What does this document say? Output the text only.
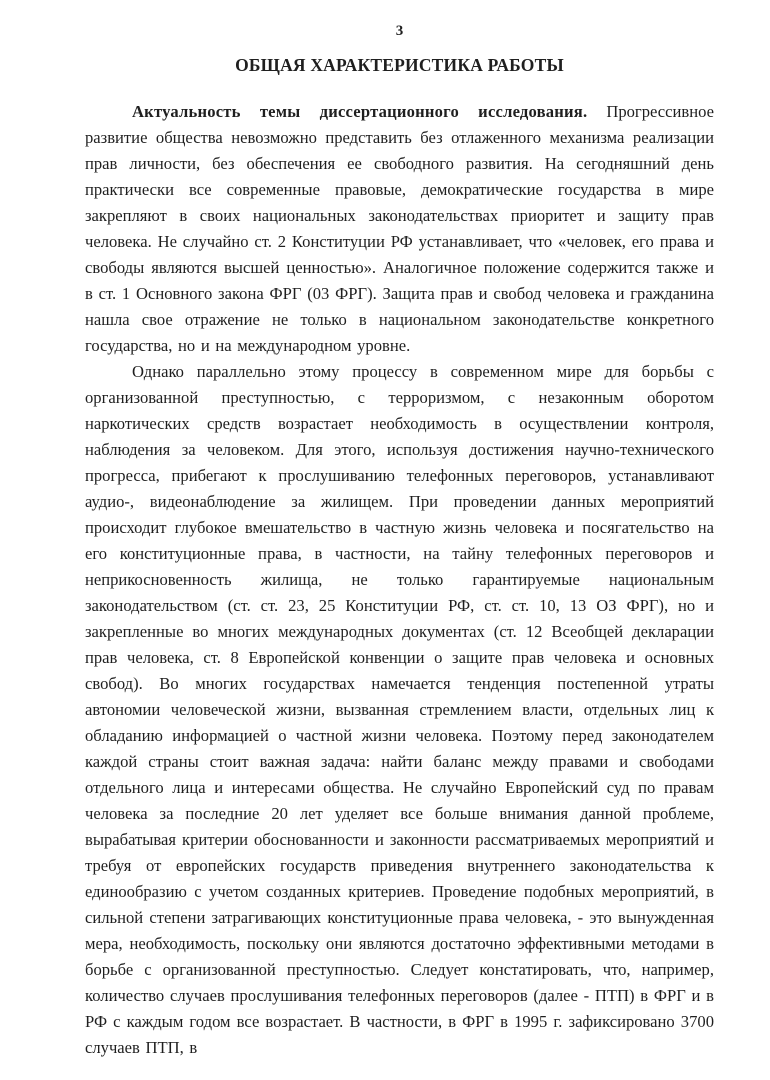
3
ОБЩАЯ ХАРАКТЕРИСТИКА РАБОТЫ

Актуальность темы диссертационного исследования. Прогрессивное развитие общества невозможно представить без отлаженного механизма реализации прав личности, без обеспечения ее свободного развития. На сегодняшний день практически все современные правовые, демократические государства в мире закрепляют в своих национальных законодательствах приоритет и защиту прав человека. Не случайно ст. 2 Конституции РФ устанавливает, что «человек, его права и свободы являются высшей ценностью». Аналогичное положение содержится также и в ст. 1 Основного закона ФРГ (03 ФРГ). Защита прав и свобод человека и гражданина нашла свое отражение не только в национальном законодательстве конкретного государства, но и на международном уровне.

Однако параллельно этому процессу в современном мире для борьбы с организованной преступностью, с терроризмом, с незаконным оборотом наркотических средств возрастает необходимость в осуществлении контроля, наблюдения за человеком. Для этого, используя достижения научно-технического прогресса, прибегают к прослушиванию телефонных переговоров, устанавливают аудио-, видеонаблюдение за жилищем. При проведении данных мероприятий происходит глубокое вмешательство в частную жизнь человека и посягательство на его конституционные права, в частности, на тайну телефонных переговоров и неприкосновенность жилища, не только гарантируемые национальным законодательством (ст. ст. 23, 25 Конституции РФ, ст. ст. 10, 13 ОЗ ФРГ), но и закрепленные во многих международных документах (ст. 12 Всеобщей декларации прав человека, ст. 8 Европейской конвенции о защите прав человека и основных свобод). Во многих государствах намечается тенденция постепенной утраты автономии человеческой жизни, вызванная стремлением власти, отдельных лиц к обладанию информацией о частной жизни человека. Поэтому перед законодателем каждой страны стоит важная задача: найти баланс между правами и свободами отдельного лица и интересами общества. Не случайно Европейский суд по правам человека за последние 20 лет уделяет все больше внимания данной проблеме, вырабатывая критерии обоснованности и законности рассматриваемых мероприятий и требуя от европейских государств приведения внутреннего законодательства к единообразию с учетом созданных критериев. Проведение подобных мероприятий, в сильной степени затрагивающих конституционные права человека, - это вынужденная мера, необходимость, поскольку они являются достаточно эффективными методами в борьбе с организованной преступностью. Следует констатировать, что, например, количество случаев прослушивания телефонных переговоров (далее - ПТП) в ФРГ и в РФ с каждым годом все возрастает. В частности, в ФРГ в 1995 г. зафиксировано 3700 случаев ПТП, в
